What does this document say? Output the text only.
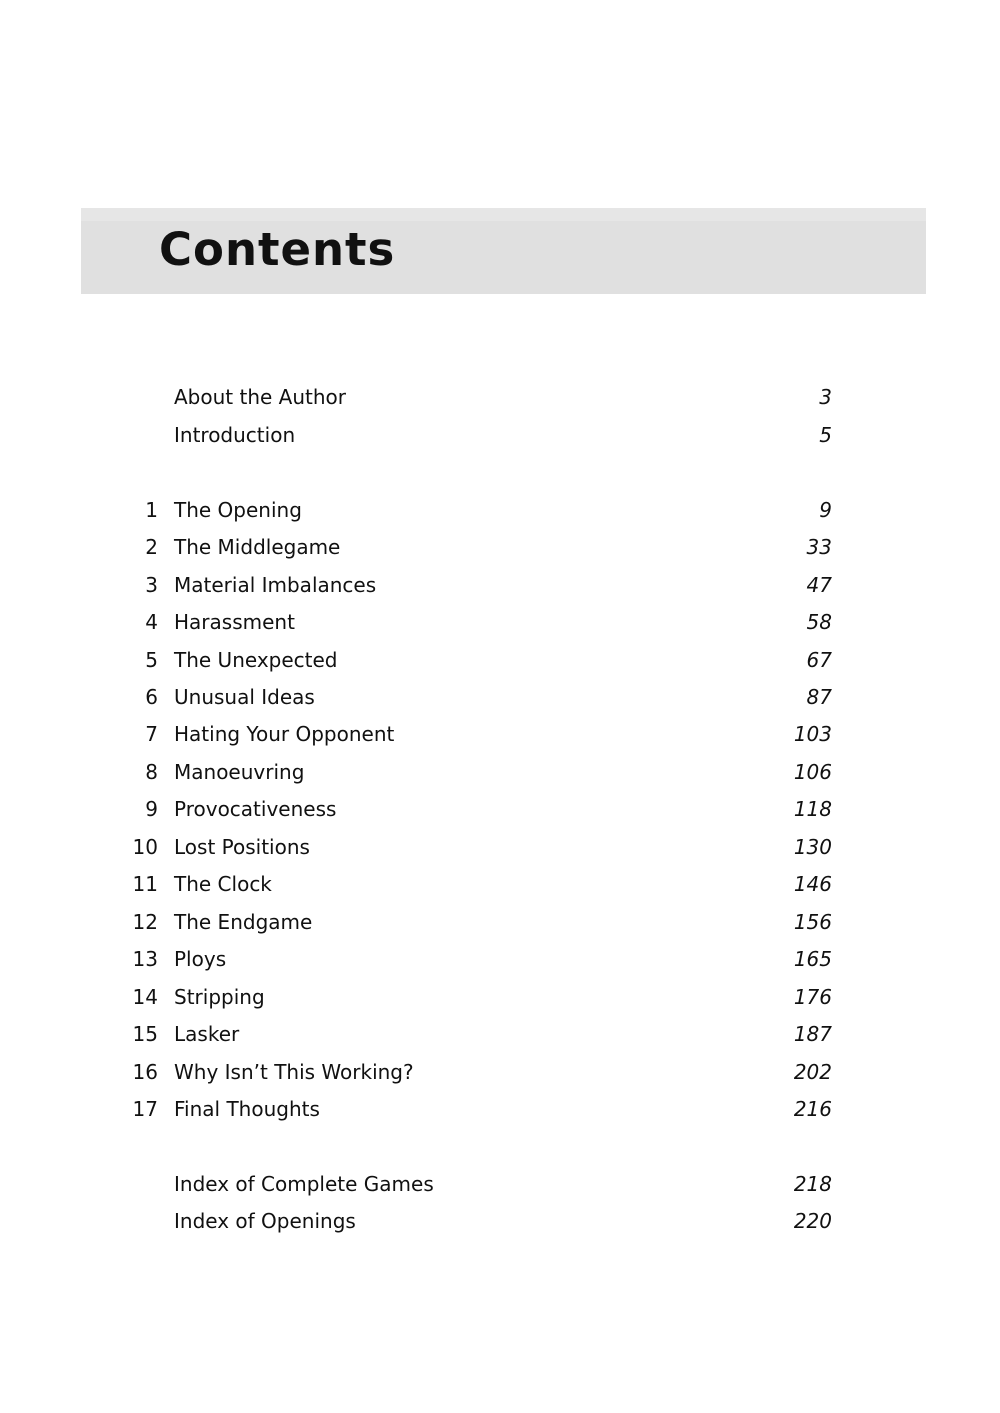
Contents
About the Author	3
Introduction	5
1 The Opening	9
2 The Middlegame	33
3 Material Imbalances	47
4 Harassment	58
5 The Unexpected	67
6 Unusual Ideas	87
7 Hating Your Opponent	103
8 Manoeuvring	106
9 Provocativeness	118
10 Lost Positions	130
11 The Clock	146
12 The Endgame	156
13 Ploys	165
14 Stripping	176
15 Lasker	187
16 Why Isn’t This Working?	202
17 Final Thoughts	216
Index of Complete Games	218
Index of Openings	220
